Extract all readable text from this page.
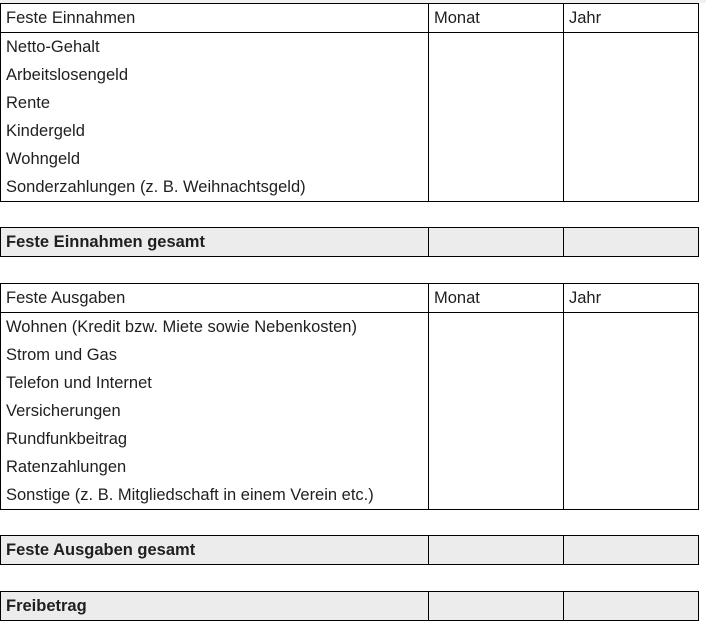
Feste Einnahmen	Monat	Jahr
Netto-Gehalt		
Arbeitslosengeld		
Rente		
Kindergeld		
Wohngeld		
Sonderzahlungen (z. B. Weihnachtsgeld)		
Feste Einnahmen gesamt		
Feste Ausgaben	Monat	Jahr
Wohnen (Kredit bzw. Miete sowie Nebenkosten)		
Strom und Gas		
Telefon und Internet		
Versicherungen		
Rundfunkbeitrag		
Ratenzahlungen		
Sonstige (z. B. Mitgliedschaft in einem Verein etc.)		
Feste Ausgaben gesamt		
Freibetrag		
